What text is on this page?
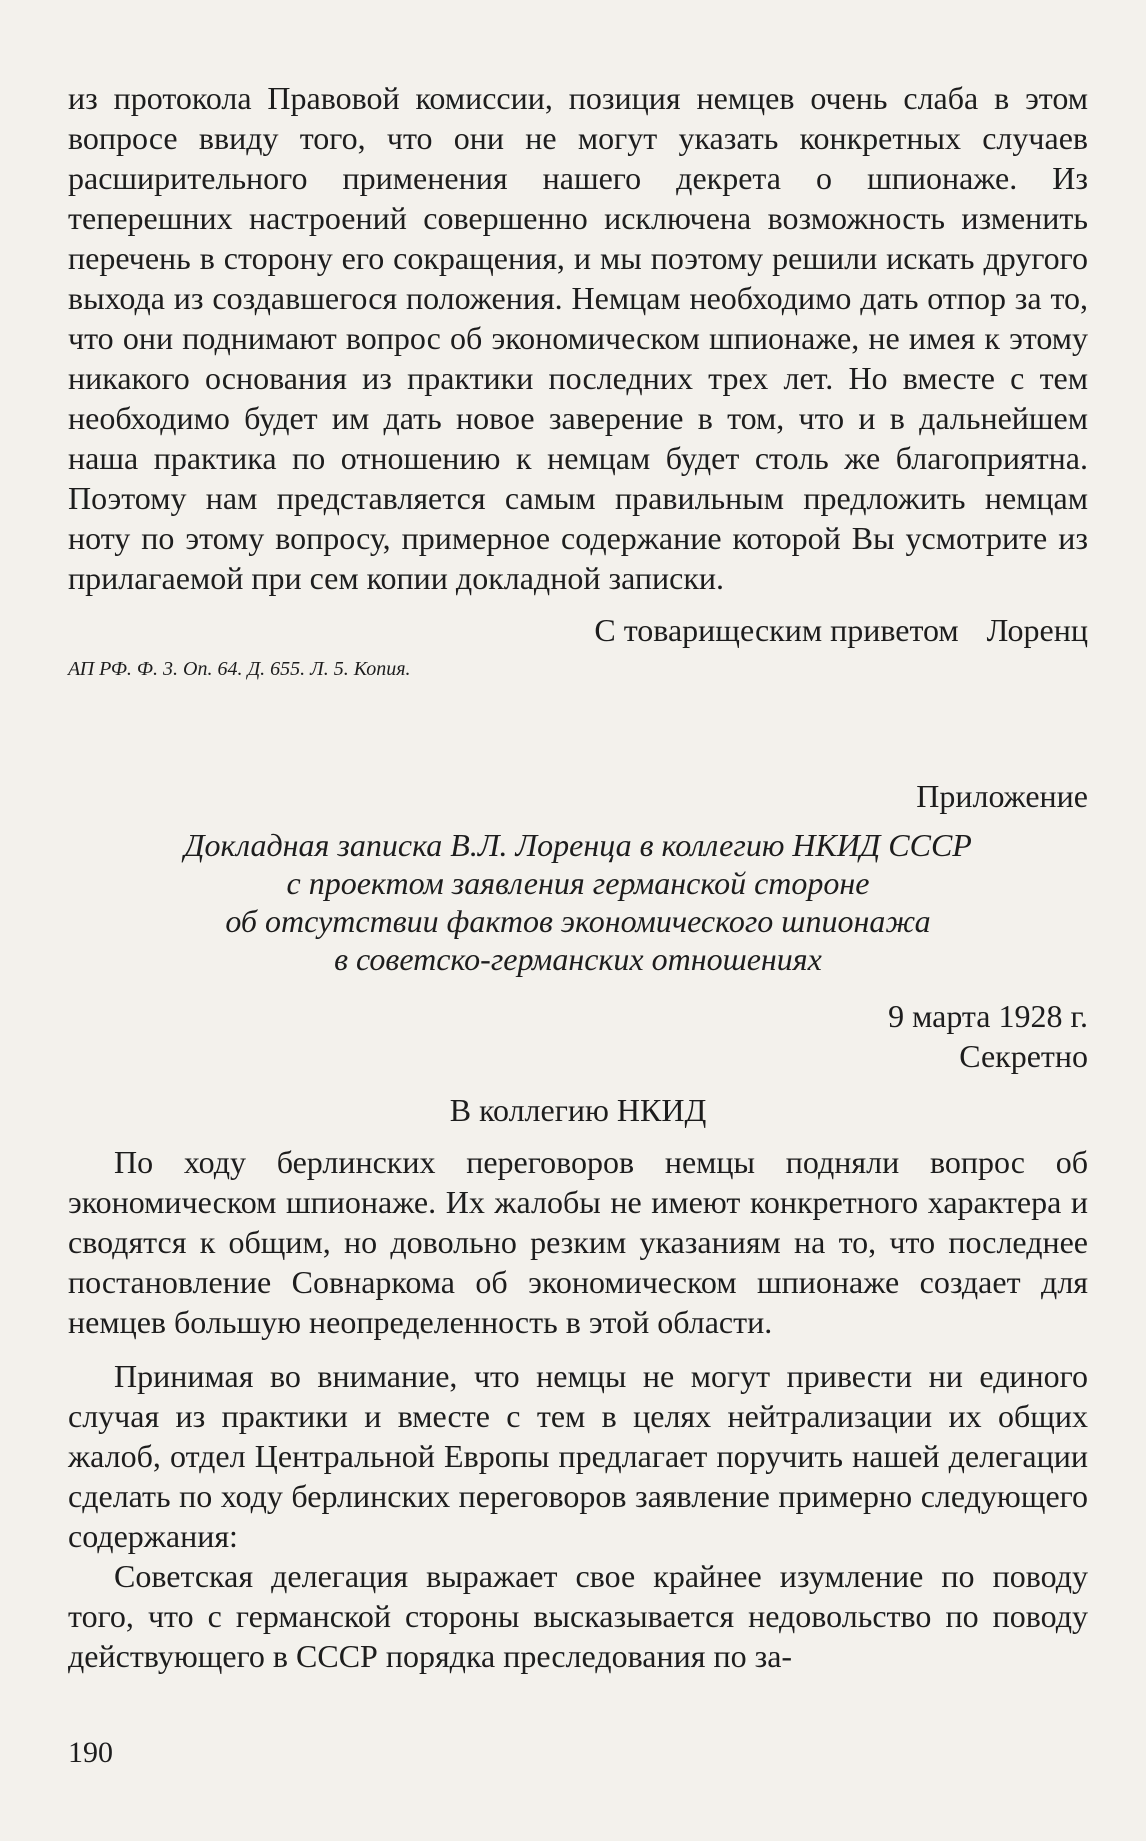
из протокола Правовой комиссии, позиция немцев очень слаба в этом вопросе ввиду того, что они не могут указать конкретных случаев расширительного применения нашего декрета о шпионаже. Из теперешних настроений совершенно исключена возможность изменить перечень в сторону его сокращения, и мы поэтому решили искать другого выхода из создавшегося положения. Немцам необходимо дать отпор за то, что они поднимают вопрос об экономическом шпионаже, не имея к этому никакого основания из практики последних трех лет. Но вместе с тем необходимо будет им дать новое заверение в том, что и в дальнейшем наша практика по отношению к немцам будет столь же благоприятна. Поэтому нам представляется самым правильным предложить немцам ноту по этому вопросу, примерное содержание которой Вы усмотрите из прилагаемой при сем копии докладной записки.

С товарищеским приветом Лоренц

АП РФ. Ф. 3. Оп. 64. Д. 655. Л. 5. Копия.

Приложение

Докладная записка В.Л. Лоренца в коллегию НКИД СССР
с проектом заявления германской стороне
об отсутствии фактов экономического шпионажа
в советско-германских отношениях

9 марта 1928 г.

Секретно

В коллегию НКИД

По ходу берлинских переговоров немцы подняли вопрос об экономическом шпионаже. Их жалобы не имеют конкретного характера и сводятся к общим, но довольно резким указаниям на то, что последнее постановление Совнаркома об экономическом шпионаже создает для немцев большую неопределенность в этой области.

Принимая во внимание, что немцы не могут привести ни единого случая из практики и вместе с тем в целях нейтрализации их общих жалоб, отдел Центральной Европы предлагает поручить нашей делегации сделать по ходу берлинских переговоров заявление примерно следующего содержания:

Советская делегация выражает свое крайнее изумление по поводу того, что с германской стороны высказывается недовольство по поводу действующего в СССР порядка преследования по за-

190
